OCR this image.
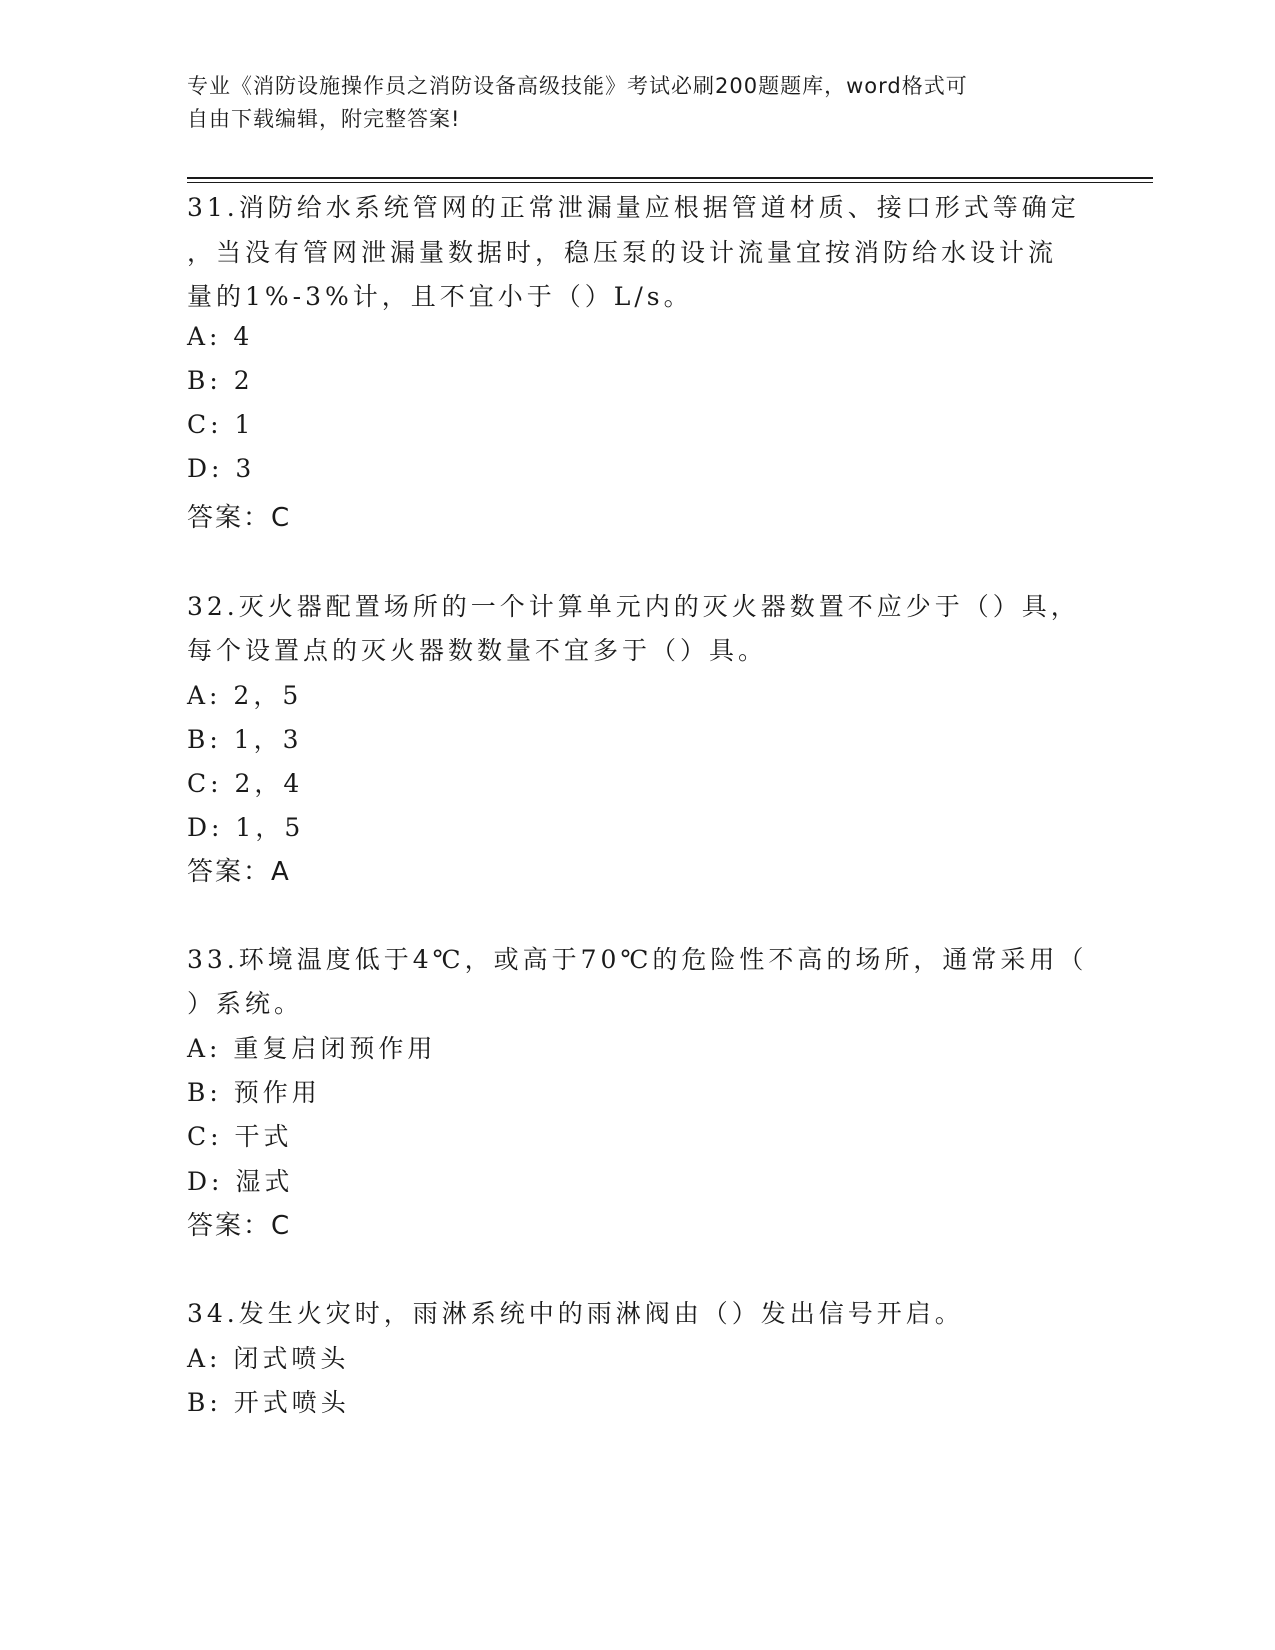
专业《消防设施操作员之消防设备高级技能》考试必刷200题题库，word格式可
自由下载编辑，附完整答案!
31.消防给水系统管网的正常泄漏量应根据管道材质、接口形式等确定
，当没有管网泄漏量数据时，稳压泵的设计流量宜按消防给水设计流
量的1%-3%计，且不宜小于（）L/s。
A: 4
B: 2
C: 1
D: 3
答案：C
32.灭火器配置场所的一个计算单元内的灭火器数置不应少于（）具，
每个设置点的灭火器数数量不宜多于（）具。
A: 2，5
B: 1，3
C: 2，4
D: 1，5
答案：A
33.环境温度低于4℃，或高于70℃的危险性不高的场所，通常采用（
）系统。
A: 重复启闭预作用
B: 预作用
C: 干式
D: 湿式
答案：C
34.发生火灾时，雨淋系统中的雨淋阀由（）发出信号开启。
A: 闭式喷头
B: 开式喷头
